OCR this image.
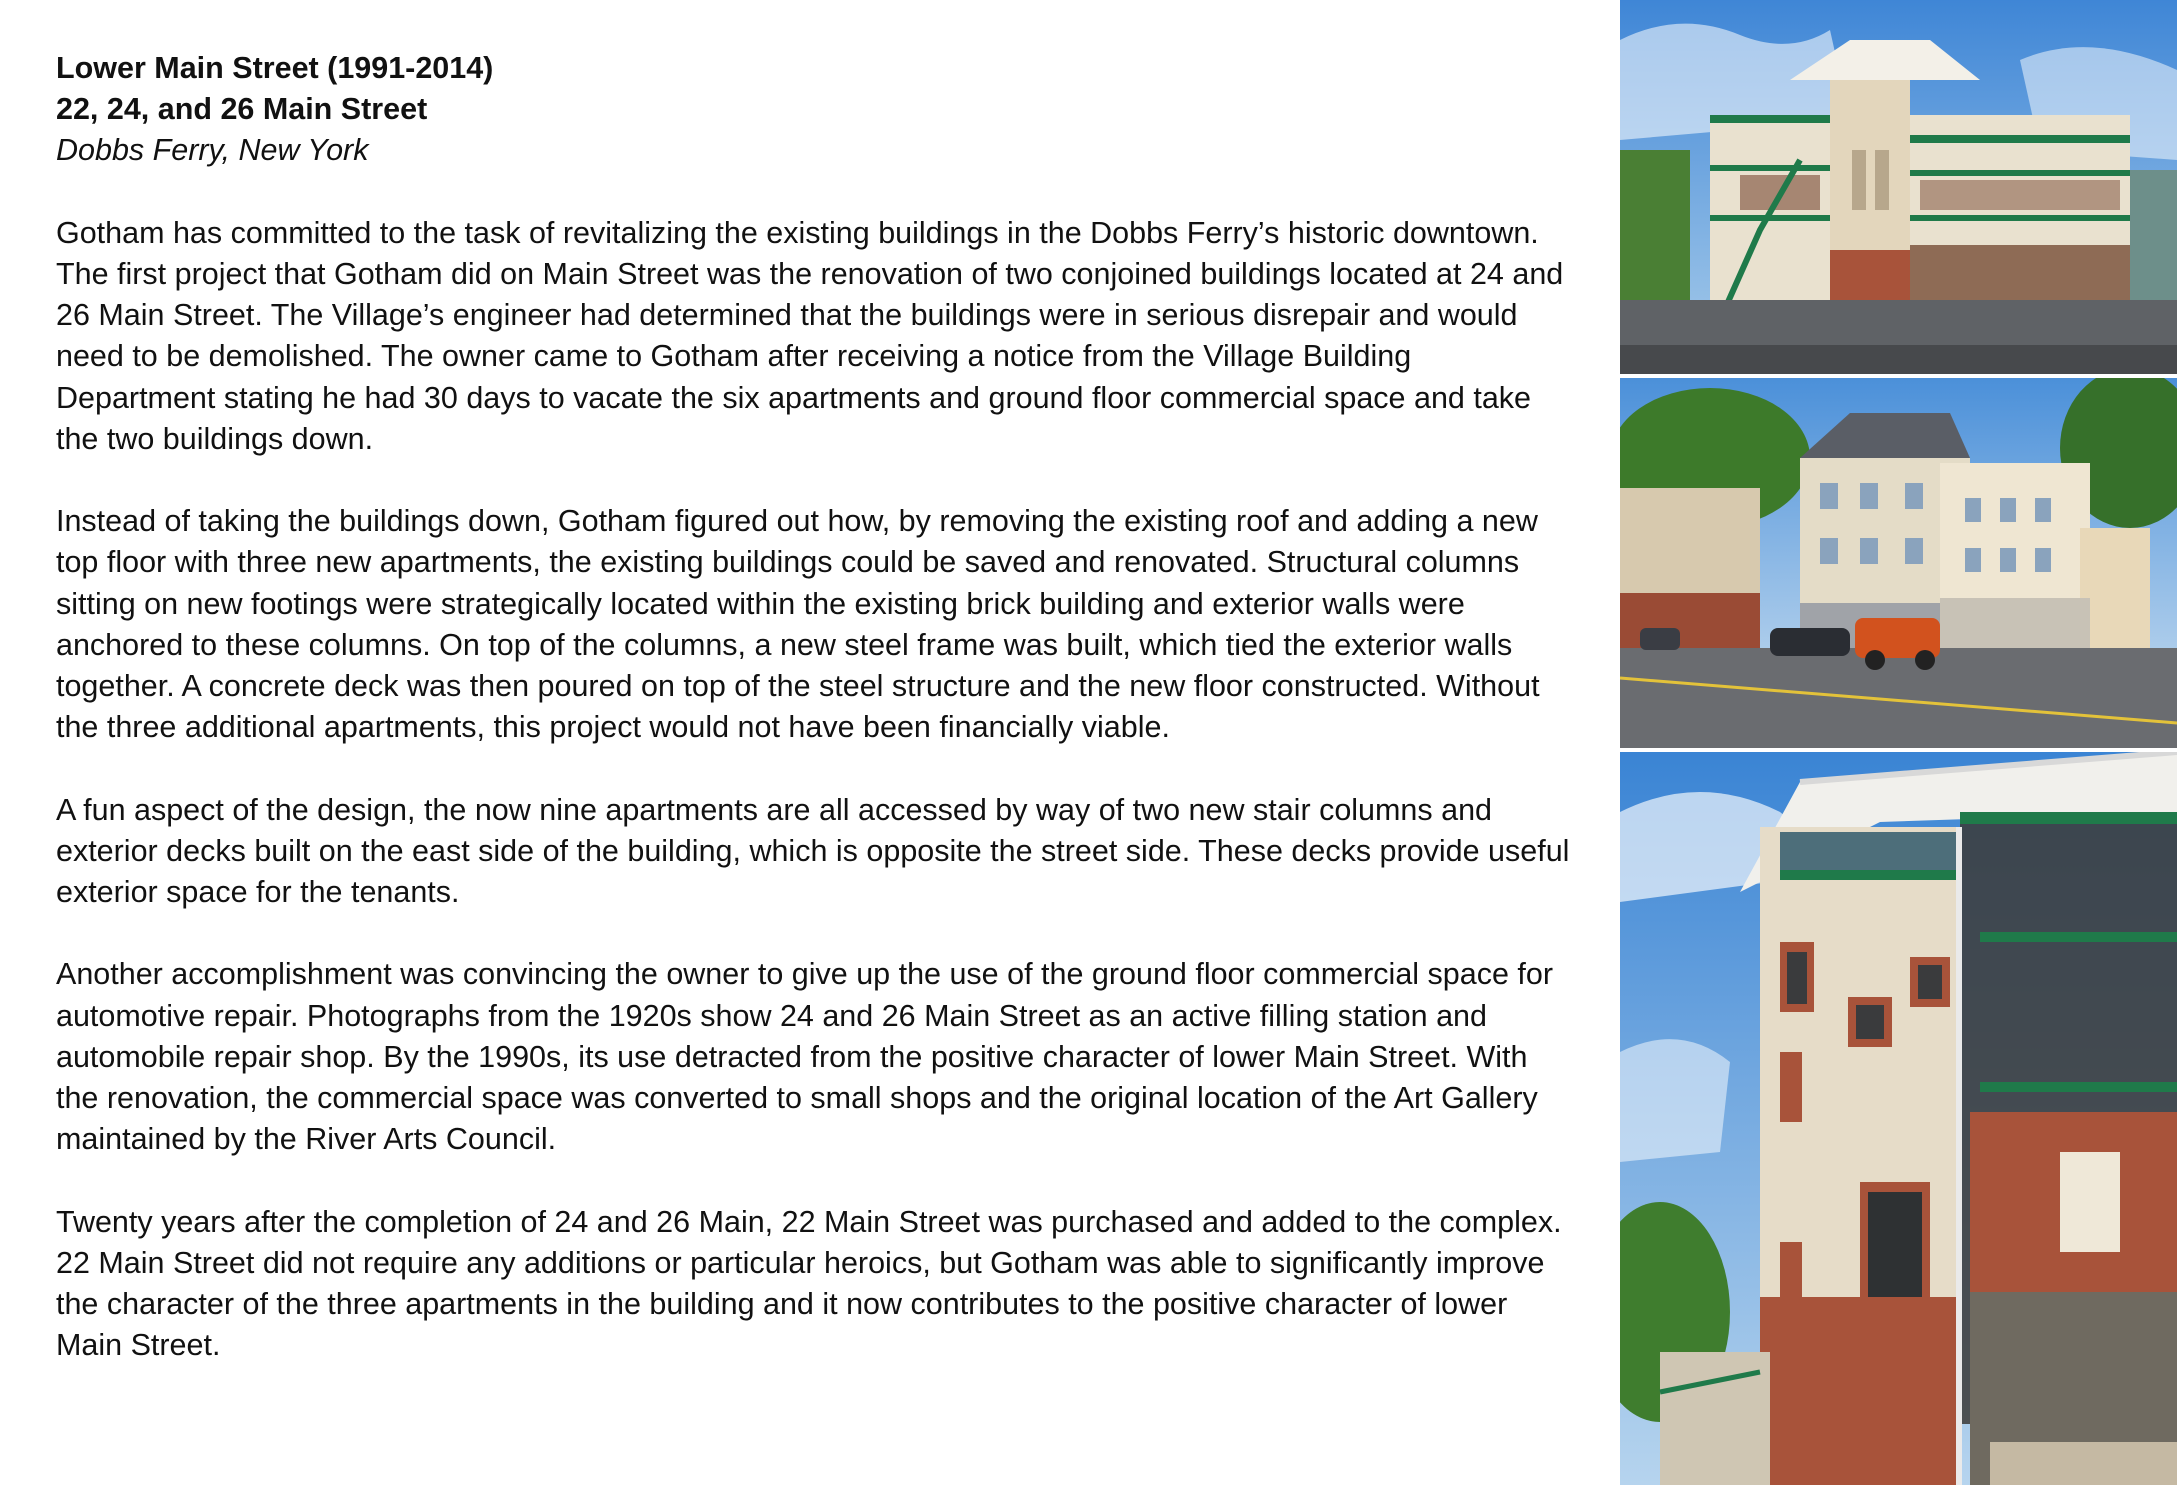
Lower Main Street (1991-2014)
22, 24, and 26 Main Street
Dobbs Ferry, New York

Gotham has committed to the task of revitalizing the existing buildings in the Dobbs Ferry’s historic downtown. The first project that Gotham did on Main Street was the renovation of two conjoined buildings located at 24 and 26 Main Street. The Village’s engineer had determined that the buildings were in serious disrepair and would need to be demolished. The owner came to Gotham after receiving a notice from the Village Building Department stating he had 30 days to vacate the six apartments and ground floor commercial space and take the two buildings down.

Instead of taking the buildings down, Gotham figured out how, by removing the existing roof and adding a new top floor with three new apartments, the existing buildings could be saved and renovated. Structural columns sitting on new footings were strategically located within the existing brick building and exterior walls were anchored to these columns. On top of the columns, a new steel frame was built, which tied the exterior walls together. A concrete deck was then poured on top of the steel structure and the new floor constructed. Without the three additional apartments, this project would not have been financially viable.

A fun aspect of the design, the now nine apartments are all accessed by way of two new stair columns and exterior decks built on the east side of the building, which is opposite the street side. These decks provide useful exterior space for the tenants.

Another accomplishment was convincing the owner to give up the use of the ground floor commercial space for automotive repair. Photographs from the 1920s show 24 and 26 Main Street as an active filling station and automobile repair shop. By the 1990s, its use detracted from the positive character of lower Main Street. With the renovation, the commercial space was converted to small shops and the original location of the Art Gallery maintained by the River Arts Council.

Twenty years after the completion of 24 and 26 Main, 22 Main Street was purchased and added to the complex. 22 Main Street did not require any additions or particular heroics, but Gotham was able to significantly improve the character of the three apartments in the building and it now contributes to the positive character of lower Main Street.
